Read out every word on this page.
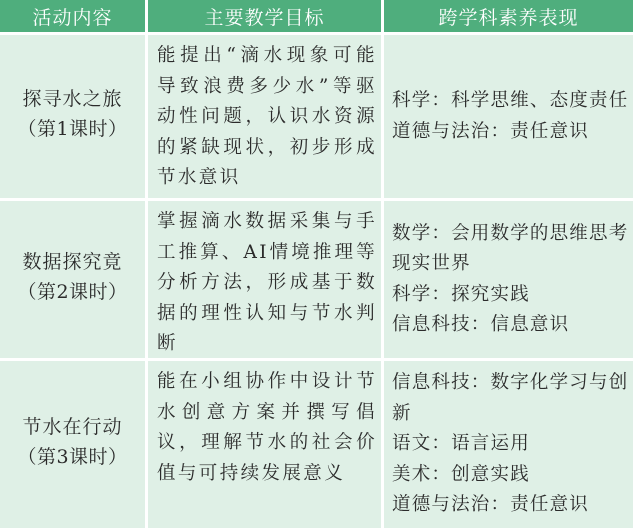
活动内容	主要教学目标	跨学科素养表现
探寻水之旅
（第1课时）
能提出“滴水现象可能导致浪费多少水”等驱动性问题，认识水资源的紧缺现状，初步形成节水意识
科学：科学思维、态度责任
道德与法治：责任意识
数据探究竟
（第2课时）
掌握滴水数据采集与手工推算、AI情境推理等分析方法，形成基于数据的理性认知与节水判断
数学：会用数学的思维思考现实世界
科学：探究实践
信息科技：信息意识
节水在行动
（第3课时）
能在小组协作中设计节水创意方案并撰写倡议，理解节水的社会价值与可持续发展意义
信息科技：数字化学习与创新
语文：语言运用
美术：创意实践
道德与法治：责任意识
